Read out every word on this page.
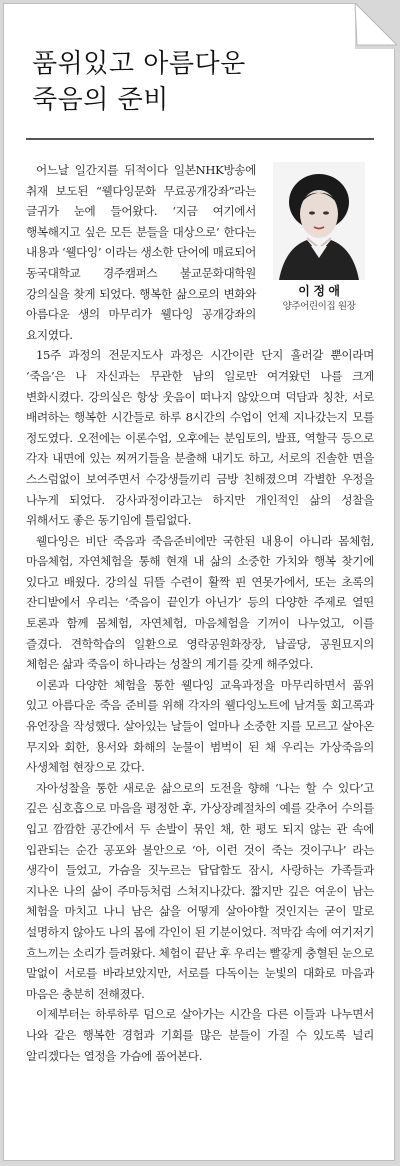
품위있고 아름다운
죽음의 준비
이 정 애
양주어린이집 원장

어느날 일간지를 뒤적이다 일본NHK방송에 취재 보도된 “웰다잉문화 무료공개강좌”라는 글귀가 눈에 들어왔다. ‘지금 여기에서 행복해지고 싶은 모든 분들을 대상으로’ 한다는 내용과 ‘웰다잉’ 이라는 생소한 단어에 매료되어 동국대학교 경주캠퍼스 불교문화대학원 강의실을 찾게 되었다. 행복한 삶으로의 변화와 아름다운 생의 마무리가 웰다잉 공개강좌의 요지였다.

15주 과정의 전문지도사 과정은 시간이란 단지 흘러갈 뿐이라며 ‘죽음’은 나 자신과는 무관한 남의 일로만 여겨왔던 나를 크게 변화시켰다. 강의실은 항상 웃음이 떠나지 않았으며 덕담과 칭찬, 서로 배려하는 행복한 시간들로 하루 8시간의 수업이 언제 지나갔는지 모를 정도였다. 오전에는 이론수업, 오후에는 분임토의, 발표, 역할극 등으로 각자 내면에 있는 찌꺼기들을 분출해 내기도 하고, 서로의 진솔한 면을 스스럼없이 보여주면서 수강생들끼리 금방 친해졌으며 각별한 우정을 나누게 되었다. 강사과정이라고는 하지만 개인적인 삶의 성찰을 위해서도 좋은 동기임에 틀림없다.

웰다잉은 비단 죽음과 죽음준비에만 국한된 내용이 아니라 몸체험, 마음체험, 자연체험을 통해 현재 내 삶의 소중한 가치와 행복 찾기에 있다고 배웠다. 강의실 뒤뜰 수련이 활짝 핀 연못가에서, 또는 초록의 잔디밭에서 우리는 ‘죽음이 끝인가 아닌가’ 등의 다양한 주제로 열띤 토론과 함께 몸체험, 자연체험, 마음체험을 기꺼이 나누었고, 이를 즐겼다. 견학학습의 일환으로 영락공원화장장, 납골당, 공원묘지의 체험은 삶과 죽음이 하나라는 성찰의 계기를 갖게 해주었다.

이론과 다양한 체험을 통한 웰다잉 교육과정을 마무리하면서 품위 있고 아름다운 죽음 준비를 위해 각자의 웰다잉노트에 남겨둘 회고록과 유언장을 작성했다. 살아있는 날들이 얼마나 소중한 지를 모르고 살아온 무지와 회한, 용서와 화해의 눈물이 범벅이 된 채 우리는 가상죽음의 사생체험 현장으로 갔다.

자아성찰을 통한 새로운 삶으로의 도전을 향해 ‘나는 할 수 있다’고 깊은 심호흡으로 마음을 평정한 후, 가상장례절차의 예를 갖추어 수의를 입고 깜깜한 공간에서 두 손발이 묶인 채, 한 평도 되지 않는 관 속에 입관되는 순간 공포와 불안으로 ‘아, 이런 것이 죽는 것이구나’ 라는 생각이 들었고, 가슴을 짓누르는 답답함도 잠시, 사랑하는 가족들과 지나온 나의 삶이 주마등처럼 스쳐지나갔다. 짧지만 깊은 여운이 남는 체험을 마치고 나니 남은 삶을 어떻게 살아야할 것인지는 굳이 말로 설명하지 않아도 나의 몸에 각인이 된 기분이었다. 적막감 속에 여기저기 흐느끼는 소리가 들려왔다. 체험이 끝난 후 우리는 빨갛게 충혈된 눈으로 말없이 서로를 바라보았지만, 서로를 다독이는 눈빛의 대화로 마음과 마음은 충분히 전해졌다.

이제부터는 하루하루 덤으로 살아가는 시간을 다른 이들과 나누면서 나와 같은 행복한 경험과 기회를 많은 분들이 가질 수 있도록 널리 알리겠다는 열정을 가슴에 품어본다.
